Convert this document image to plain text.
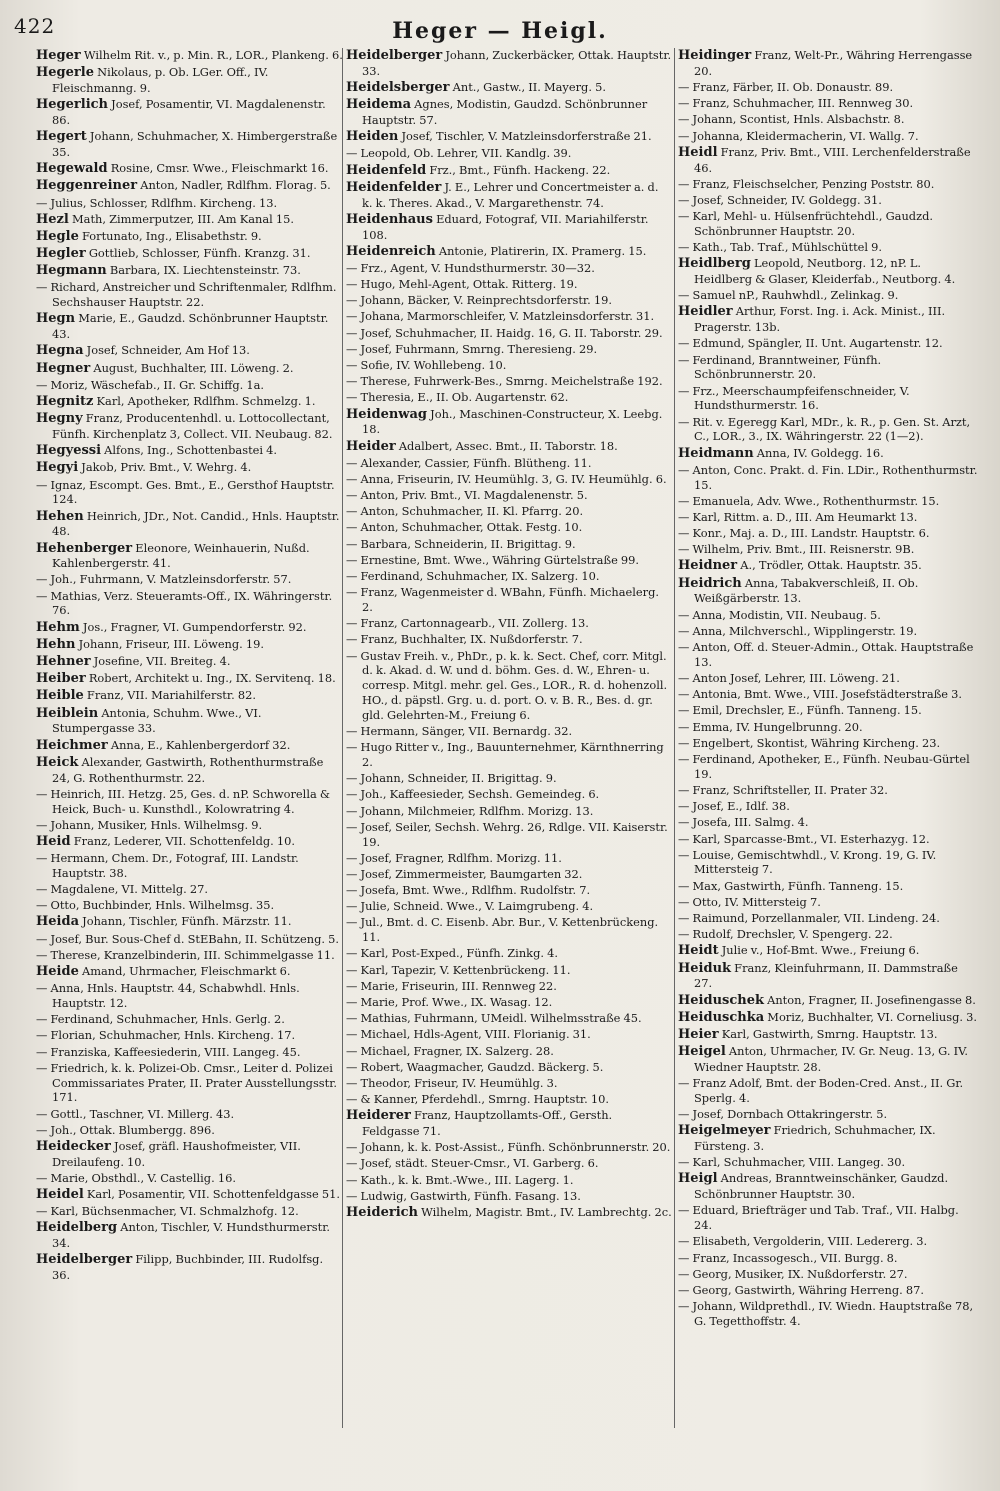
422	Heger — Heigl.

Heger Wilhelm Rit. v., p. Min. R., LOR., Plankeng. 6.

Hegerle Nikolaus, p. Ob. LGer. Off., IV. Fleischmanng. 9.

Hegerlich Josef, Posamentir, VI. Magdalenenstr. 86.

Hegert Johann, Schuhmacher, X. Himbergerstraße 35.

Hegewald Rosine, Cmsr. Wwe., Fleischmarkt 16.

Heggenreiner Anton, Nadler, Rdlfhm. Florag. 5.

— Julius, Schlosser, Rdlfhm. Kircheng. 13.

Hezl Math, Zimmerputzer, III. Am Kanal 15.

Hegle Fortunato, Ing., Elisabethstr. 9.

Hegler Gottlieb, Schlosser, Fünfh. Kranzg. 31.

Hegmann Barbara, IX. Liechtensteinstr. 73.

— Richard, Anstreicher und Schriftenmaler, Rdlfhm. Sechshauser Hauptstr. 22.

Hegn Marie, E., Gaudzd. Schönbrunner Hauptstr. 43.

Hegna Josef, Schneider, Am Hof 13.

Hegner August, Buchhalter, III. Löweng. 2.

— Moriz, Wäschefab., II. Gr. Schiffg. 1a.

Hegnitz Karl, Apotheker, Rdlfhm. Schmelzg. 1.

Hegny Franz, Producentenhdl. u. Lottocollectant, Fünfh. Kirchenplatz 3, Collect. VII. Neubaug. 82.

Hegyessi Alfons, Ing., Schottenbastei 4.

Hegyi Jakob, Priv. Bmt., V. Wehrg. 4.

— Ignaz, Escompt. Ges. Bmt., E., Gersthof Hauptstr. 124.

Hehen Heinrich, JDr., Not. Candid., Hnls. Hauptstr. 48.

Hehenberger Eleonore, Weinhauerin, Nußd. Kahlenbergerstr. 41.

— Joh., Fuhrmann, V. Matzleinsdorferstr. 57.

— Mathias, Verz. Steueramts-Off., IX. Währingerstr. 76.

Hehm Jos., Fragner, VI. Gumpendorferstr. 92.

Hehn Johann, Friseur, III. Löweng. 19.

Hehner Josefine, VII. Breiteg. 4.

Heiber Robert, Architekt u. Ing., IX. Servitenq. 18.

Heible Franz, VII. Mariahilferstr. 82.

Heiblein Antonia, Schuhm. Wwe., VI. Stumpergasse 33.

Heichmer Anna, E., Kahlenbergerdorf 32.

Heick Alexander, Gastwirth, Rothenthurmstraße 24, G. Rothenthurmstr. 22.

— Heinrich, III. Hetzg. 25, Ges. d. nP. Schworella & Heick, Buch- u. Kunsthdl., Kolowratring 4.

— Johann, Musiker, Hnls. Wilhelmsg. 9.

Heid Franz, Lederer, VII. Schottenfeldg. 10.

— Hermann, Chem. Dr., Fotograf, III. Landstr. Hauptstr. 38.

— Magdalene, VI. Mittelg. 27.

— Otto, Buchbinder, Hnls. Wilhelmsg. 35.

Heida Johann, Tischler, Fünfh. Märzstr. 11.

— Josef, Bur. Sous-Chef d. StEBahn, II. Schützeng. 5.

— Therese, Kranzelbinderin, III. Schimmelgasse 11.

Heide Amand, Uhrmacher, Fleischmarkt 6.

— Anna, Hnls. Hauptstr. 44, Schabwhdl. Hnls. Hauptstr. 12.

— Ferdinand, Schuhmacher, Hnls. Gerlg. 2.

— Florian, Schuhmacher, Hnls. Kircheng. 17.

— Franziska, Kaffeesiederin, VIII. Langeg. 45.

— Friedrich, k. k. Polizei-Ob. Cmsr., Leiter d. Polizei Commissariates Prater, II. Prater Ausstellungsstr. 171.

— Gottl., Taschner, VI. Millerg. 43.

— Joh., Ottak. Blumbergg. 896.

Heidecker Josef, gräfl. Haushofmeister, VII. Dreilaufeng. 10.

— Marie, Obsthdl., V. Castellig. 16.

Heidel Karl, Posamentir, VII. Schottenfeldgasse 51.

— Karl, Büchsenmacher, VI. Schmalzhofg. 12.

Heidelberg Anton, Tischler, V. Hundsthurmerstr. 34.

Heidelberger Filipp, Buchbinder, III. Rudolfsg. 36.

Heidelberger Johann, Zuckerbäcker, Ottak. Hauptstr. 33.

Heidelsberger Ant., Gastw., II. Mayerg. 5.

Heidema Agnes, Modistin, Gaudzd. Schönbrunner Hauptstr. 57.

Heiden Josef, Tischler, V. Matzleinsdorferstraße 21.

— Leopold, Ob. Lehrer, VII. Kandlg. 39.

Heidenfeld Frz., Bmt., Fünfh. Hackeng. 22.

Heidenfelder J. E., Lehrer und Concertmeister a. d. k. k. Theres. Akad., V. Margarethenstr. 74.

Heidenhaus Eduard, Fotograf, VII. Mariahilferstr. 108.

Heidenreich Antonie, Platirerin, IX. Pramerg. 15.

— Frz., Agent, V. Hundsthurmerstr. 30—32.

— Hugo, Mehl-Agent, Ottak. Ritterg. 19.

— Johann, Bäcker, V. Reinprechtsdorferstr. 19.

— Johana, Marmorschleifer, V. Matzleinsdorferstr. 31.

— Josef, Schuhmacher, II. Haidg. 16, G. II. Taborstr. 29.

— Josef, Fuhrmann, Smrng. Theresieng. 29.

— Sofie, IV. Wohllebeng. 10.

— Therese, Fuhrwerk-Bes., Smrng. Meichelstraße 192.

— Theresia, E., II. Ob. Augartenstr. 62.

Heidenwag Joh., Maschinen-Constructeur, X. Leebg. 18.

Heider Adalbert, Assec. Bmt., II. Taborstr. 18.

— Alexander, Cassier, Fünfh. Blütheng. 11.

— Anna, Friseurin, IV. Heumühlg. 3, G. IV. Heumühlg. 6.

— Anton, Priv. Bmt., VI. Magdalenenstr. 5.

— Anton, Schuhmacher, II. Kl. Pfarrg. 20.

— Anton, Schuhmacher, Ottak. Festg. 10.

— Barbara, Schneiderin, II. Brigittag. 9.

— Ernestine, Bmt. Wwe., Währing Gürtelstraße 99.

— Ferdinand, Schuhmacher, IX. Salzerg. 10.

— Franz, Wagenmeister d. WBahn, Fünfh. Michaelerg. 2.

— Franz, Cartonnagearb., VII. Zollerg. 13.

— Franz, Buchhalter, IX. Nußdorferstr. 7.

— Gustav Freih. v., PhDr., p. k. k. Sect. Chef, corr. Mitgl. d. k. Akad. d. W. und d. böhm. Ges. d. W., Ehren- u. corresp. Mitgl. mehr. gel. Ges., LOR., R. d. hohenzoll. HO., d. päpstl. Grg. u. d. port. O. v. B. R., Bes. d. gr. gld. Gelehrten-M., Freiung 6.

— Hermann, Sänger, VII. Bernardg. 32.

— Hugo Ritter v., Ing., Bauunternehmer, Kärnthnerring 2.

— Johann, Schneider, II. Brigittag. 9.

— Joh., Kaffeesieder, Sechsh. Gemeindeg. 6.

— Johann, Milchmeier, Rdlfhm. Morizg. 13.

— Josef, Seiler, Sechsh. Wehrg. 26, Rdlge. VII. Kaiserstr. 19.

— Josef, Fragner, Rdlfhm. Morizg. 11.

— Josef, Zimmermeister, Baumgarten 32.

— Josefa, Bmt. Wwe., Rdlfhm. Rudolfstr. 7.

— Julie, Schneid. Wwe., V. Laimgrubeng. 4.

— Jul., Bmt. d. C. Eisenb. Abr. Bur., V. Kettenbrückeng. 11.

— Karl, Post-Exped., Fünfh. Zinkg. 4.

— Karl, Tapezir, V. Kettenbrückeng. 11.

— Marie, Friseurin, III. Rennweg 22.

— Marie, Prof. Wwe., IX. Wasag. 12.

— Mathias, Fuhrmann, UMeidl. Wilhelmsstraße 45.

— Michael, Hdls-Agent, VIII. Florianig. 31.

— Michael, Fragner, IX. Salzerg. 28.

— Robert, Waagmacher, Gaudzd. Bäckerg. 5.

— Theodor, Friseur, IV. Heumühlg. 3.

— & Kanner, Pferdehdl., Smrng. Hauptstr. 10.

Heiderer Franz, Hauptzollamts-Off., Gersth. Feldgasse 71.

— Johann, k. k. Post-Assist., Fünfh. Schönbrunnerstr. 20.

— Josef, städt. Steuer-Cmsr., VI. Garberg. 6.

— Kath., k. k. Bmt.-Wwe., III. Lagerg. 1.

— Ludwig, Gastwirth, Fünfh. Fasang. 13.

Heiderich Wilhelm, Magistr. Bmt., IV. Lambrechtg. 2c.

Heidinger Franz, Welt-Pr., Währing Herrengasse 20.

— Franz, Färber, II. Ob. Donaustr. 89.

— Franz, Schuhmacher, III. Rennweg 30.

— Johann, Scontist, Hnls. Alsbachstr. 8.

— Johanna, Kleidermacherin, VI. Wallg. 7.

Heidl Franz, Priv. Bmt., VIII. Lerchenfelderstraße 46.

— Franz, Fleischselcher, Penzing Poststr. 80.

— Josef, Schneider, IV. Goldegg. 31.

— Karl, Mehl- u. Hülsenfrüchtehdl., Gaudzd. Schönbrunner Hauptstr. 20.

— Kath., Tab. Traf., Mühlschüttel 9.

Heidlberg Leopold, Neutborg. 12, nP. L. Heidlberg & Glaser, Kleiderfab., Neutborg. 4.

— Samuel nP., Rauhwhdl., Zelinkag. 9.

Heidler Arthur, Forst. Ing. i. Ack. Minist., III. Pragerstr. 13b.

— Edmund, Spängler, II. Unt. Augartenstr. 12.

— Ferdinand, Branntweiner, Fünfh. Schönbrunnerstr. 20.

— Frz., Meerschaumpfeifenschneider, V. Hundsthurmerstr. 16.

— Rit. v. Egeregg Karl, MDr., k. R., p. Gen. St. Arzt, C., LOR., 3., IX. Währingerstr. 22 (1—2).

Heidmann Anna, IV. Goldegg. 16.

— Anton, Conc. Prakt. d. Fin. LDir., Rothenthurmstr. 15.

— Emanuela, Adv. Wwe., Rothenthurmstr. 15.

— Karl, Rittm. a. D., III. Am Heumarkt 13.

— Konr., Maj. a. D., III. Landstr. Hauptstr. 6.

— Wilhelm, Priv. Bmt., III. Reisnerstr. 9B.

Heidner A., Trödler, Ottak. Hauptstr. 35.

Heidrich Anna, Tabakverschleiß, II. Ob. Weißgärberstr. 13.

— Anna, Modistin, VII. Neubaug. 5.

— Anna, Milchverschl., Wipplingerstr. 19.

— Anton, Off. d. Steuer-Admin., Ottak. Hauptstraße 13.

— Anton Josef, Lehrer, III. Löweng. 21.

— Antonia, Bmt. Wwe., VIII. Josefstädterstraße 3.

— Emil, Drechsler, E., Fünfh. Tanneng. 15.

— Emma, IV. Hungelbrunng. 20.

— Engelbert, Skontist, Währing Kircheng. 23.

— Ferdinand, Apotheker, E., Fünfh. Neubau-Gürtel 19.

— Franz, Schriftsteller, II. Prater 32.

— Josef, E., Idlf. 38.

— Josefa, III. Salmg. 4.

— Karl, Sparcasse-Bmt., VI. Esterhazyg. 12.

— Louise, Gemischtwhdl., V. Krong. 19, G. IV. Mittersteig 7.

— Max, Gastwirth, Fünfh. Tanneng. 15.

— Otto, IV. Mittersteig 7.

— Raimund, Porzellanmaler, VII. Lindeng. 24.

— Rudolf, Drechsler, V. Spengerg. 22.

Heidt Julie v., Hof-Bmt. Wwe., Freiung 6.

Heiduk Franz, Kleinfuhrmann, II. Dammstraße 27.

Heiduschek Anton, Fragner, II. Josefinengasse 8.

Heiduschka Moriz, Buchhalter, VI. Corneliusg. 3.

Heier Karl, Gastwirth, Smrng. Hauptstr. 13.

Heigel Anton, Uhrmacher, IV. Gr. Neug. 13, G. IV. Wiedner Hauptstr. 28.

— Franz Adolf, Bmt. der Boden-Cred. Anst., II. Gr. Sperlg. 4.

— Josef, Dornbach Ottakringerstr. 5.

Heigelmeyer Friedrich, Schuhmacher, IX. Fürsteng. 3.

— Karl, Schuhmacher, VIII. Langeg. 30.

Heigl Andreas, Branntweinschänker, Gaudzd. Schönbrunner Hauptstr. 30.

— Eduard, Briefträger und Tab. Traf., VII. Halbg. 24.

— Elisabeth, Vergolderin, VIII. Ledererg. 3.

— Franz, Incassogesch., VII. Burgg. 8.

— Georg, Musiker, IX. Nußdorferstr. 27.

— Georg, Gastwirth, Währing Herreng. 87.

— Johann, Wildprethdl., IV. Wiedn. Hauptstraße 78, G. Tegetthoffstr. 4.
